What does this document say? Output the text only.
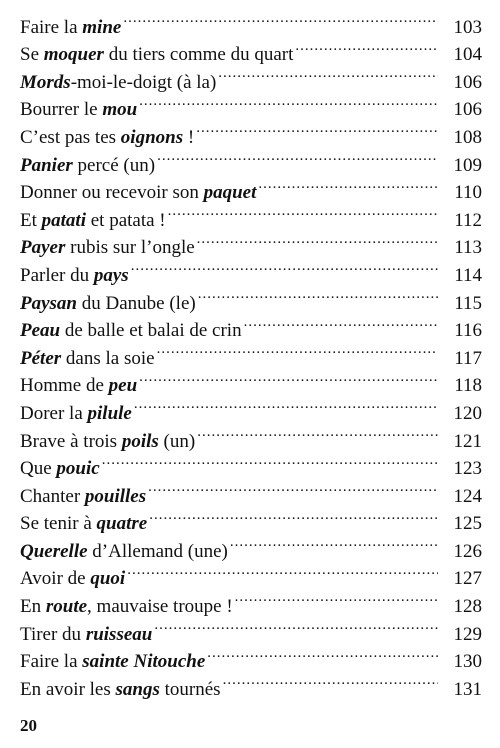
Faire la mine .....	103
Se moquer du tiers comme du quart .....	104
Mords-moi-le-doigt (à la) .....	106
Bourrer le mou .....	106
C’est pas tes oignons ! .....	108
Panier percé (un) .....	109
Donner ou recevoir son paquet .....	110
Et patati et patata ! .....	112
Payer rubis sur l’ongle .....	113
Parler du pays .....	114
Paysan du Danube (le) .....	115
Peau de balle et balai de crin .....	116
Péter dans la soie .....	117
Homme de peu .....	118
Dorer la pilule .....	120
Brave à trois poils (un) .....	121
Que pouic .....	123
Chanter pouilles .....	124
Se tenir à quatre .....	125
Querelle d’Allemand (une) .....	126
Avoir de quoi .....	127
En route, mauvaise troupe ! .....	128
Tirer du ruisseau .....	129
Faire la sainte Nitouche .....	130
En avoir les sangs tournés .....	131
20
